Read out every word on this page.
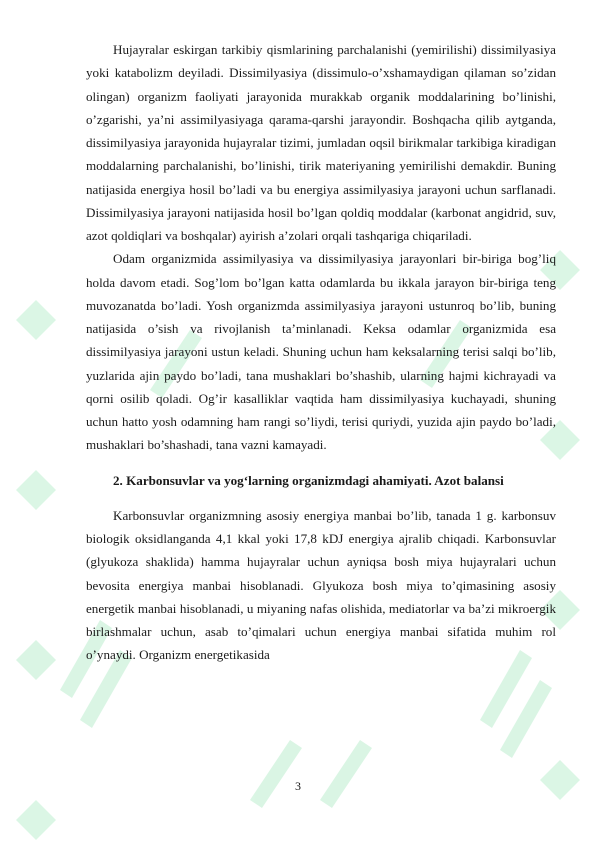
Hujayralar eskirgan tarkibiy qismlarining parchalanishi (yemirilishi) dissimilyasiya yoki katabolizm deyiladi. Dissimilyasiya (dissimulo-o’xshamaydigan qilaman so’zidan olingan) organizm faoliyati jarayonida murakkab organik moddalarining bo’linishi, o’zgarishi, ya’ni assimilyasiyaga qarama-qarshi jarayondir. Boshqacha qilib aytganda, dissimilyasiya jarayonida hujayralar tizimi, jumladan oqsil birikmalar tarkibiga kiradigan moddalarning parchalanishi, bo’linishi, tirik materiyaning yemirilishi demakdir. Buning natijasida energiya hosil bo’ladi va bu energiya assimilyasiya jarayoni uchun sarflanadi. Dissimilyasiya jarayoni natijasida hosil bo’lgan qoldiq moddalar (karbonat angidrid, suv, azot qoldiqlari va boshqalar) ayirish a’zolari orqali tashqariga chiqariladi.

Odam organizmida assimilyasiya va dissimilyasiya jarayonlari bir-biriga bog’liq holda davom etadi. Sog’lom bo’lgan katta odamlarda bu ikkala jarayon bir-biriga teng muvozanatda bo’ladi. Yosh organizmda assimilyasiya jarayoni ustunroq bo’lib, buning natijasida o’sish va rivojlanish ta’minlanadi. Keksa odamlar organizmida esa dissimilyasiya jarayoni ustun keladi. Shuning uchun ham keksalarning terisi salqi bo’lib, yuzlarida ajin paydo bo’ladi, tana mushaklari bo’shashib, ularning hajmi kichrayadi va qorni osilib qoladi. Og’ir kasalliklar vaqtida ham dissimilyasiya kuchayadi, shuning uchun hatto yosh odamning ham rangi so’liydi, terisi quriydi, yuzida ajin paydo bo’ladi, mushaklari bo’shashadi, tana vazni kamayadi.

2. Karbonsuvlar va yog‘larning organizmdagi ahamiyati. Azot balansi

Karbonsuvlar organizmning asosiy energiya manbai bo’lib, tanada 1 g. karbonsuv biologik oksidlanganda 4,1 kkal yoki 17,8 kDJ energiya ajralib chiqadi. Karbonsuvlar (glyukoza shaklida) hamma hujayralar uchun ayniqsa bosh miya hujayralari uchun bevosita energiya manbai hisoblanadi. Glyukoza bosh miya to’qimasining asosiy energetik manbai hisoblanadi, u miyaning nafas olishida, mediatorlar va ba’zi mikroergik birlashmalar uchun, asab to’qimalari uchun energiya manbai sifatida muhim rol o’ynaydi. Organizm energetikasida

3
